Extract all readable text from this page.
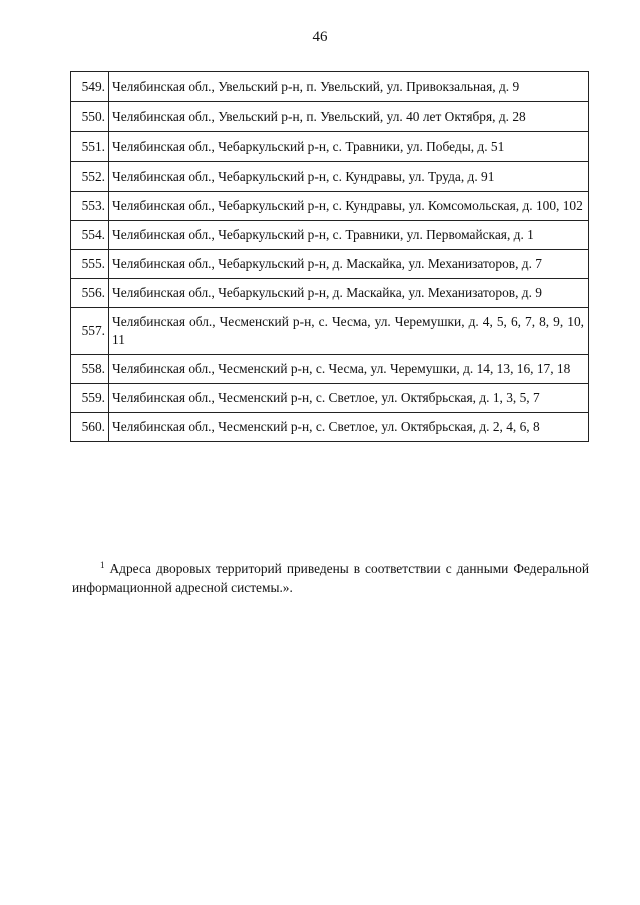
46
549.	Челябинская обл., Увельский р-н, п. Увельский, ул. Привокзальная, д. 9
550.	Челябинская обл., Увельский р-н, п. Увельский, ул. 40 лет Октября, д. 28
551.	Челябинская обл., Чебаркульский р-н, с. Травники, ул. Победы, д. 51
552.	Челябинская обл., Чебаркульский р-н, с. Кундравы, ул. Труда, д. 91
553.	Челябинская обл., Чебаркульский р-н, с. Кундравы, ул. Комсомольская, д. 100, 102
554.	Челябинская обл., Чебаркульский р-н, с. Травники, ул. Первомайская, д. 1
555.	Челябинская обл., Чебаркульский р-н, д. Маскайка, ул. Механизаторов, д. 7
556.	Челябинская обл., Чебаркульский р-н, д. Маскайка, ул. Механизаторов, д. 9
557.	Челябинская обл., Чесменский р-н, с. Чесма, ул. Черемушки, д. 4, 5, 6, 7, 8, 9, 10, 11
558.	Челябинская обл., Чесменский р-н, с. Чесма, ул. Черемушки, д. 14, 13, 16, 17, 18
559.	Челябинская обл., Чесменский р-н, с. Светлое, ул. Октябрьская, д. 1, 3, 5, 7
560.	Челябинская обл., Чесменский р-н, с. Светлое, ул. Октябрьская, д. 2, 4, 6, 8
$^1$ Адреса дворовых территорий приведены в соответствии с данными Федеральной информационной адресной системы.».
